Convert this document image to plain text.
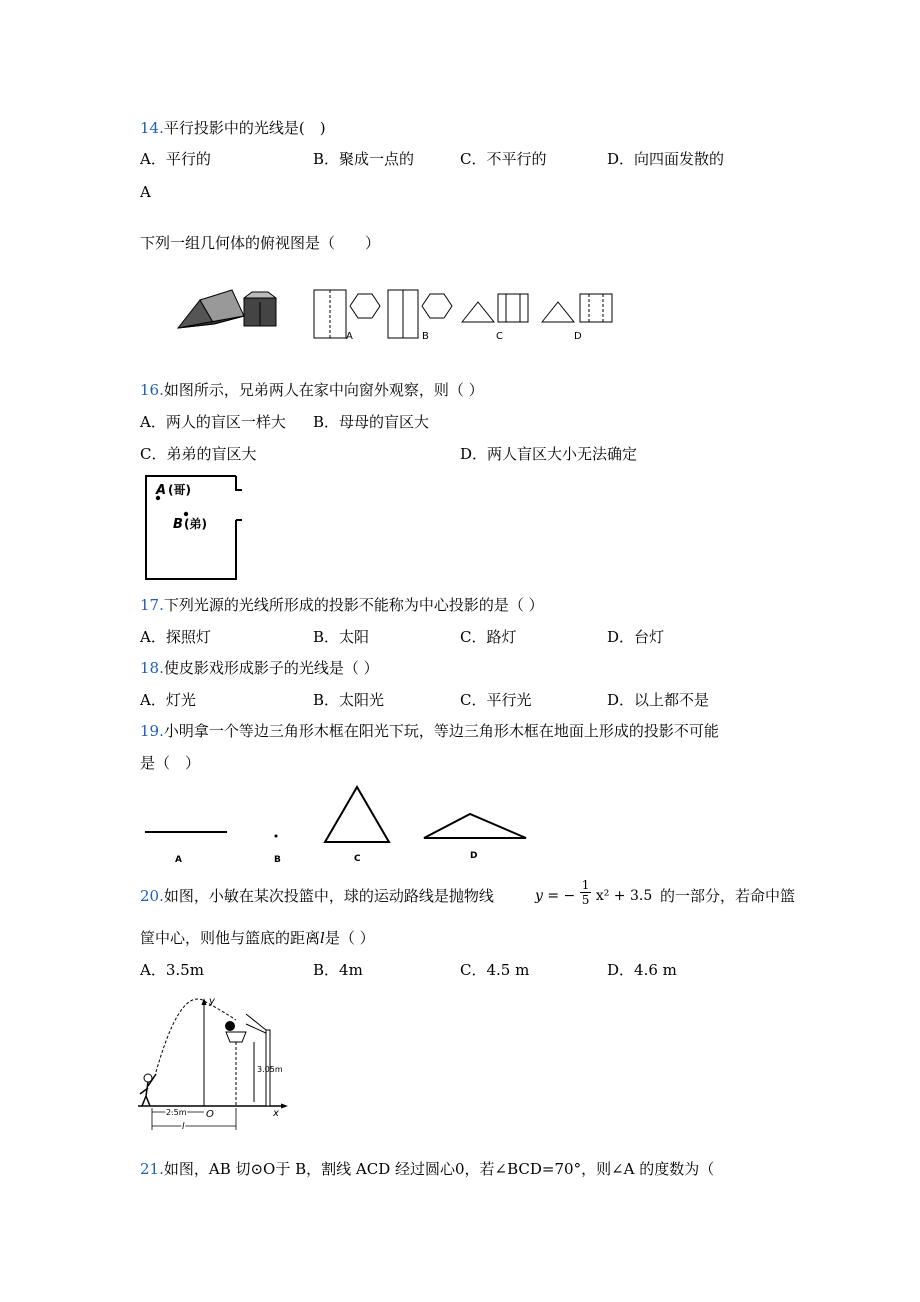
14.平行投影中的光线是(　)
A．平行的	B．聚成一点的	C．不平行的	D．向四面发散的
A
下列一组几何体的俯视图是（　　）
A	B	C	D
16.如图所示，兄弟两人在家中向窗外观察，则（ ）
A．两人的盲区一样大 B．母母的盲区大
C．弟弟的盲区大	D．两人盲区大小无法确定
A (哥)
B (弟)
17.下列光源的光线所形成的投影不能称为中心投影的是（ ）
A．探照灯	B．太阳	C．路灯	D．台灯
18.使皮影戏形成影子的光线是（ ）
A．灯光	B．太阳光	C．平行光	D．以上都不是
19.小明拿一个等边三角形木框在阳光下玩，等边三角形木框在地面上形成的投影不可能
是（　）
A	B	C	D
20.如图，小敏在某次投篮中，球的运动路线是抛物线	y = − $\frac{1}{5} x^2 + 3.5$ 的一部分，若命中篮
筐中心，则他与篮底的距离l是（ ）
A．3.5m	B．4m	C．4.5 m	D．4.6 m
y
x
O
3.05m
2.5m
l
21.如图，AB 切⊙O于 B，割线 ACD 经过圆心0，若∠BCD=70°，则∠A 的度数为（
